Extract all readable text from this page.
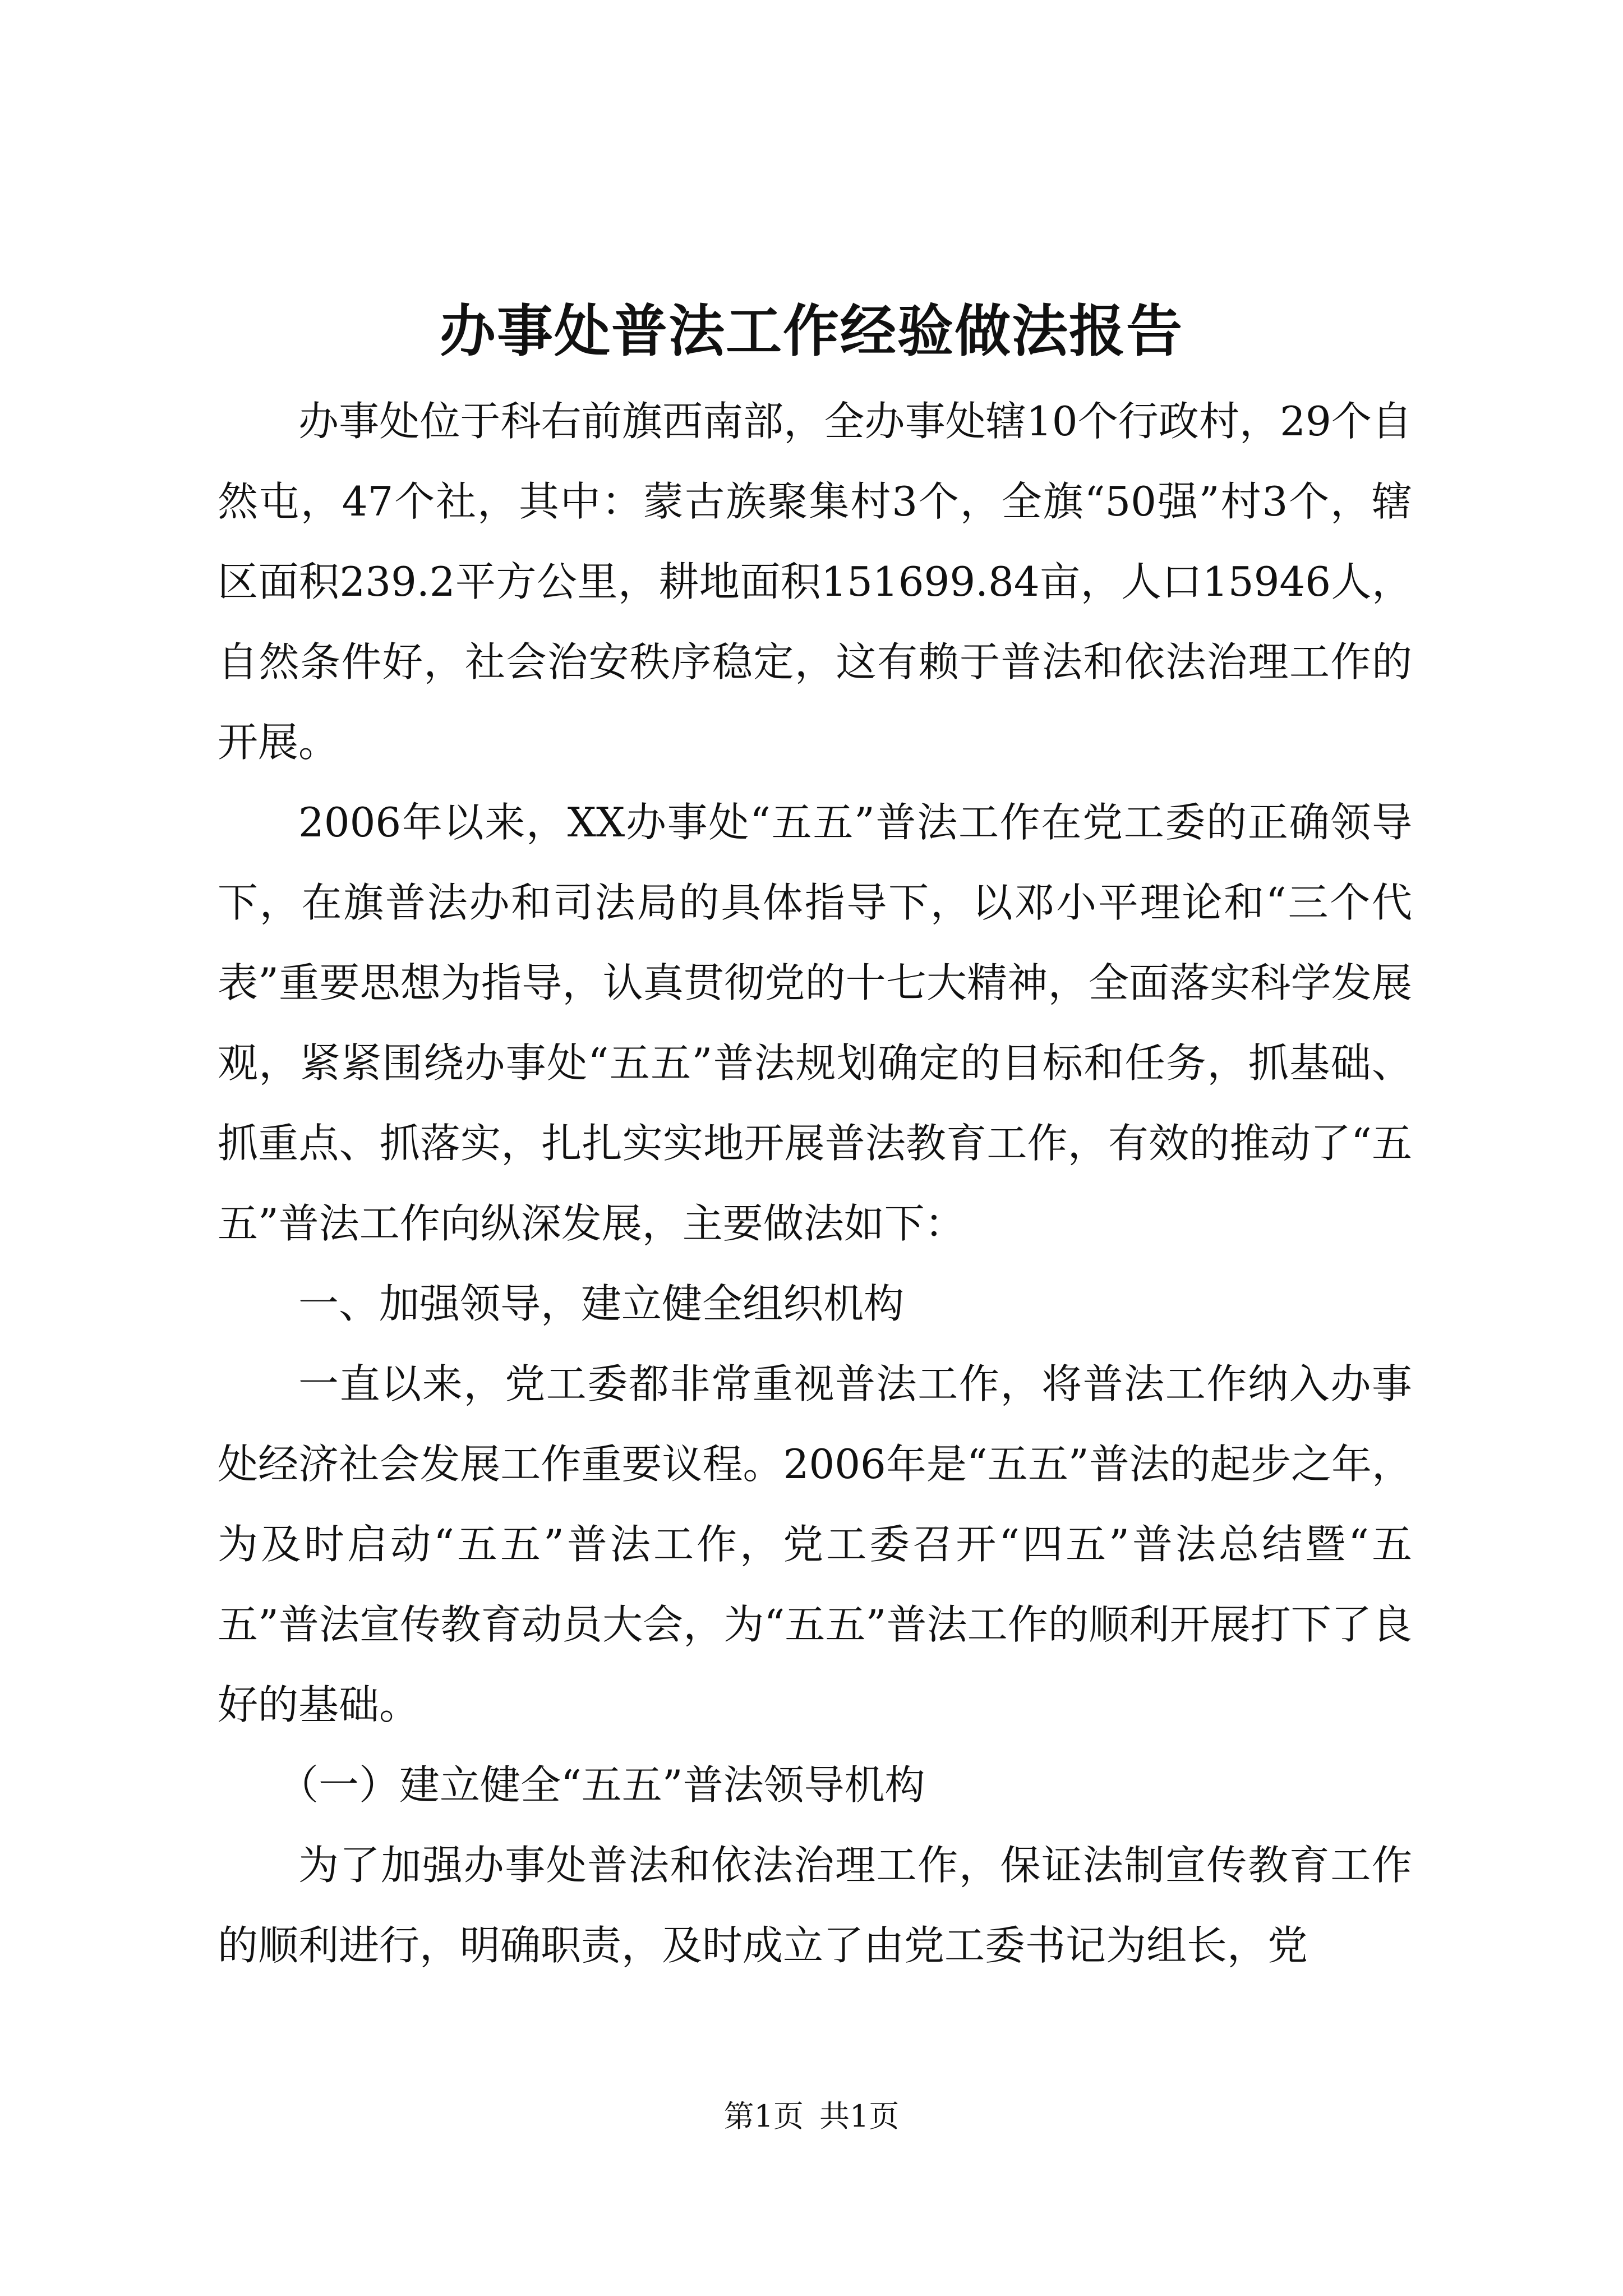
办事处普法工作经验做法报告

办事处位于科右前旗西南部，全办事处辖10个行政村，29个自然屯，47个社，其中：蒙古族聚集村3个，全旗“50强”村3个，辖区面积239.2平方公里，耕地面积151699.84亩，人口15946人，自然条件好，社会治安秩序稳定，这有赖于普法和依法治理工作的开展。

2006年以来，XX办事处“五五”普法工作在党工委的正确领导下，在旗普法办和司法局的具体指导下，以邓小平理论和“三个代表”重要思想为指导，认真贯彻党的十七大精神，全面落实科学发展观，紧紧围绕办事处“五五”普法规划确定的目标和任务，抓基础、抓重点、抓落实，扎扎实实地开展普法教育工作，有效的推动了“五五”普法工作向纵深发展，主要做法如下：

一、加强领导，建立健全组织机构

一直以来，党工委都非常重视普法工作，将普法工作纳入办事处经济社会发展工作重要议程。2006年是“五五”普法的起步之年，为及时启动“五五”普法工作，党工委召开“四五”普法总结暨“五五”普法宣传教育动员大会，为“五五”普法工作的顺利开展打下了良好的基础。

（一）建立健全“五五”普法领导机构

为了加强办事处普法和依法治理工作，保证法制宣传教育工作的顺利进行，明确职责，及时成立了由党工委书记为组长，党

第1页 共1页
